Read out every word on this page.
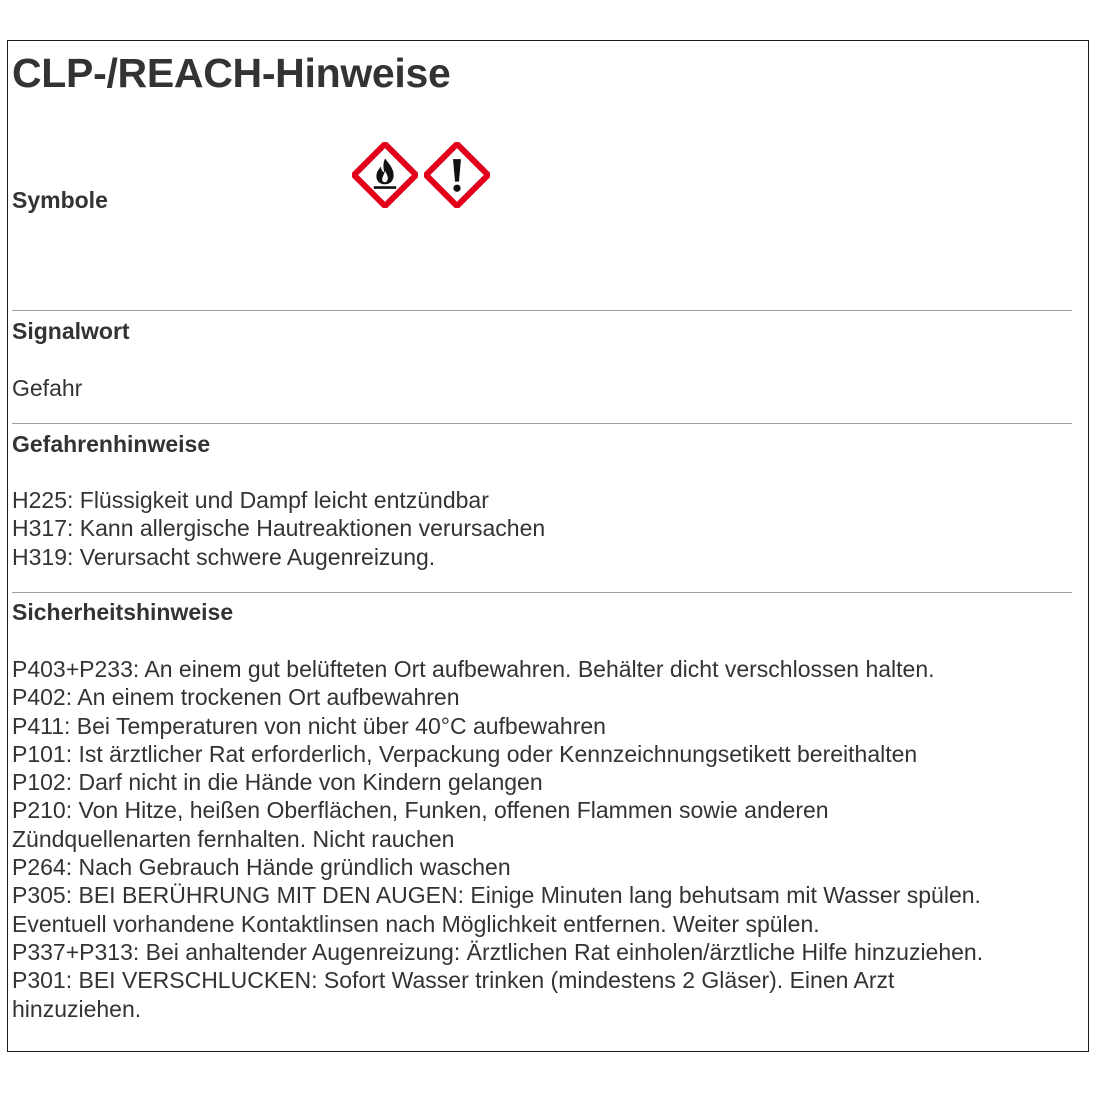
CLP-/REACH-Hinweise
Symbole
Signalwort
Gefahr
Gefahrenhinweise
H225: Flüssigkeit und Dampf leicht entzündbar
H317: Kann allergische Hautreaktionen verursachen
H319: Verursacht schwere Augenreizung.
Sicherheitshinweise
P403+P233: An einem gut belüfteten Ort aufbewahren. Behälter dicht verschlossen halten.
P402: An einem trockenen Ort aufbewahren
P411: Bei Temperaturen von nicht über 40°C aufbewahren
P101: Ist ärztlicher Rat erforderlich, Verpackung oder Kennzeichnungsetikett bereithalten
P102: Darf nicht in die Hände von Kindern gelangen
P210: Von Hitze, heißen Oberflächen, Funken, offenen Flammen sowie anderen
Zündquellenarten fernhalten. Nicht rauchen
P264: Nach Gebrauch Hände gründlich waschen
P305: BEI BERÜHRUNG MIT DEN AUGEN: Einige Minuten lang behutsam mit Wasser spülen.
Eventuell vorhandene Kontaktlinsen nach Möglichkeit entfernen. Weiter spülen.
P337+P313: Bei anhaltender Augenreizung: Ärztlichen Rat einholen/ärztliche Hilfe hinzuziehen.
P301: BEI VERSCHLUCKEN: Sofort Wasser trinken (mindestens 2 Gläser). Einen Arzt
hinzuziehen.
